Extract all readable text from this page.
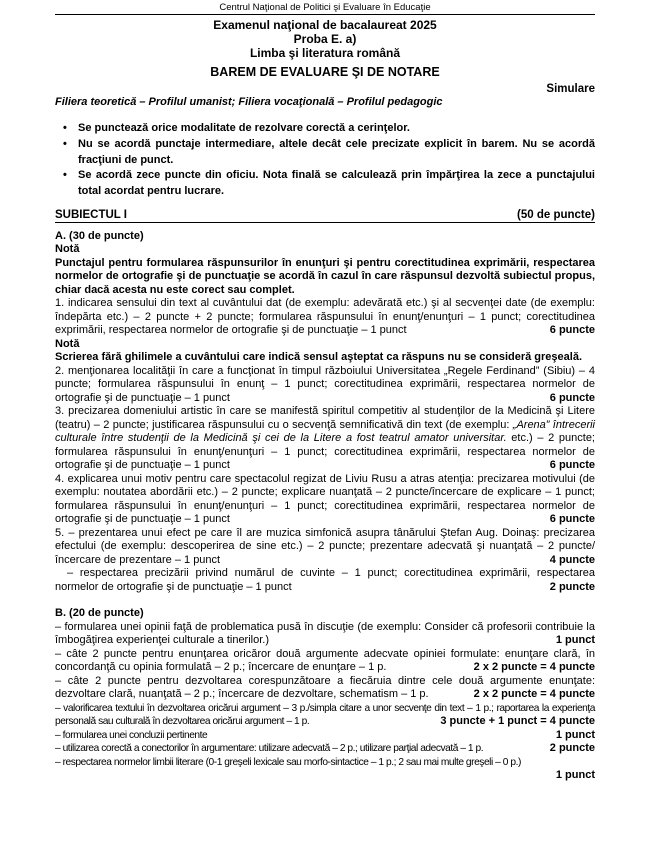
Centrul Naţional de Politici şi Evaluare în Educaţie
Examenul naţional de bacalaureat 2025
Proba E. a)
Limba şi literatura română
BAREM DE EVALUARE ŞI DE NOTARE
Simulare
Filiera teoretică – Profilul umanist; Filiera vocaţională – Profilul pedagogic
•	Se punctează orice modalitate de rezolvare corectă a cerinţelor.
•	Nu se acordă punctaje intermediare, altele decât cele precizate explicit în barem. Nu se acordă fracţiuni de punct.
•	Se acordă zece puncte din oficiu. Nota finală se calculează prin împărţirea la zece a punctajului total acordat pentru lucrare.
SUBIECTUL I	(50 de puncte)
A. (30 de puncte)
Notă
Punctajul pentru formularea răspunsurilor în enunţuri şi pentru corectitudinea exprimării, respectarea normelor de ortografie şi de punctuaţie se acordă în cazul în care răspunsul dezvoltă subiectul propus, chiar dacă acesta nu este corect sau complet.
1. indicarea sensului din text al cuvântului dat (de exemplu: adevărată etc.) şi al secvenţei date (de exemplu: îndepărta etc.) – 2 puncte + 2 puncte; formularea răspunsului în enunţ/enunţuri – 1 punct; corectitudinea exprimării, respectarea normelor de ortografie şi de punctuaţie – 1 punct	6 puncte
Notă
Scrierea fără ghilimele a cuvântului care indică sensul aşteptat ca răspuns nu se consideră greşeală.
2. menţionarea localităţii în care a funcţionat în timpul războiului Universitatea „Regele Ferdinand” (Sibiu) – 4 puncte; formularea răspunsului în enunţ – 1 punct; corectitudinea exprimării, respectarea normelor de ortografie şi de punctuaţie – 1 punct	6 puncte
3. precizarea domeniului artistic în care se manifestă spiritul competitiv al studenţilor de la Medicină şi Litere (teatru) – 2 puncte; justificarea răspunsului cu o secvenţă semnificativă din text (de exemplu: „Arena” întrecerii culturale între studenţii de la Medicină şi cei de la Litere a fost teatrul amator universitar. etc.) – 2 puncte; formularea răspunsului în enunţ/enunţuri – 1 punct; corectitudinea exprimării, respectarea normelor de ortografie şi de punctuaţie – 1 punct	6 puncte
4. explicarea unui motiv pentru care spectacolul regizat de Liviu Rusu a atras atenţia: precizarea motivului (de exemplu: noutatea abordării etc.) – 2 puncte; explicare nuanţată – 2 puncte/încercare de explicare – 1 punct; formularea răspunsului în enunţ/enunţuri – 1 punct; corectitudinea exprimării, respectarea normelor de ortografie şi de punctuaţie – 1 punct	6 puncte
5. – prezentarea unui efect pe care îl are muzica simfonică asupra tânărului Ştefan Aug. Doinaş: precizarea efectului (de exemplu: descoperirea de sine etc.) – 2 puncte; prezentare adecvată şi nuanţată – 2 puncte/încercare de prezentare – 1 punct	4 puncte
– respectarea precizării privind numărul de cuvinte – 1 punct; corectitudinea exprimării, respectarea normelor de ortografie şi de punctuaţie – 1 punct	2 puncte
B. (20 de puncte)
– formularea unei opinii faţă de problematica pusă în discuţie (de exemplu: Consider că profesorii contribuie la îmbogăţirea experienţei culturale a tinerilor.)	1 punct
– câte 2 puncte pentru enunţarea oricăror două argumente adecvate opiniei formulate: enunţare clară, în concordanţă cu opinia formulată – 2 p.; încercare de enunţare – 1 p.	2 x 2 puncte = 4 puncte
– câte 2 puncte pentru dezvoltarea corespunzătoare a fiecăruia dintre cele două argumente enunţate: dezvoltare clară, nuanţată – 2 p.; încercare de dezvoltare, schematism – 1 p.	2 x 2 puncte = 4 puncte
– valorificarea textului în dezvoltarea oricărui argument – 3 p./simpla citare a unor secvenţe din text – 1 p.; raportarea la experienţa personală sau culturală în dezvoltarea oricărui argument – 1 p.	3 puncte + 1 punct = 4 puncte
– formularea unei concluzii pertinente	1 punct
– utilizarea corectă a conectorilor în argumentare: utilizare adecvată – 2 p.; utilizare parţial adecvată – 1 p.	2 puncte
– respectarea normelor limbii literare (0-1 greşeli lexicale sau morfo-sintactice – 1 p.; 2 sau mai multe greşeli – 0 p.)
1 punct
